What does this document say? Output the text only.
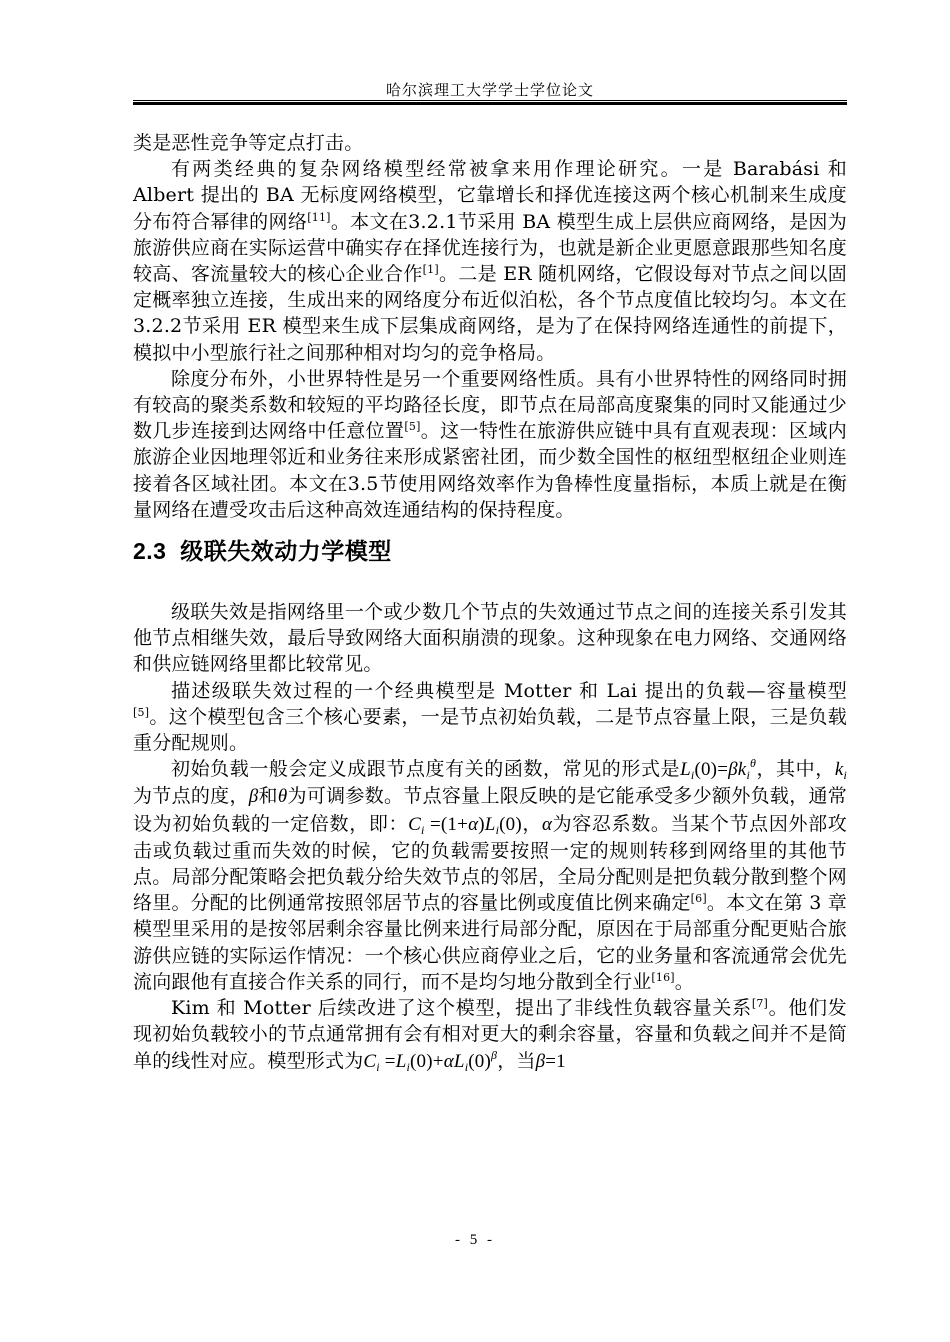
哈尔滨理工大学学士学位论文

类是恶性竞争等定点打击。

有两类经典的复杂网络模型经常被拿来用作理论研究。一是 Barabási 和 Albert 提出的 BA 无标度网络模型，它靠增长和择优连接这两个核心机制来生成度分布符合幂律的网络[11]。本文在3.2.1节采用 BA 模型生成上层供应商网络，是因为旅游供应商在实际运营中确实存在择优连接行为，也就是新企业更愿意跟那些知名度较高、客流量较大的核心企业合作[1]。二是 ER 随机网络，它假设每对节点之间以固定概率独立连接，生成出来的网络度分布近似泊松，各个节点度值比较均匀。本文在3.2.2节采用 ER 模型来生成下层集成商网络，是为了在保持网络连通性的前提下，模拟中小型旅行社之间那种相对均匀的竞争格局。

除度分布外，小世界特性是另一个重要网络性质。具有小世界特性的网络同时拥有较高的聚类系数和较短的平均路径长度，即节点在局部高度聚集的同时又能通过少数几步连接到达网络中任意位置[5]。这一特性在旅游供应链中具有直观表现：区域内旅游企业因地理邻近和业务往来形成紧密社团，而少数全国性的枢纽型枢纽企业则连接着各区域社团。本文在3.5节使用网络效率作为鲁棒性度量指标，本质上就是在衡量网络在遭受攻击后这种高效连通结构的保持程度。

2.3 级联失效动力学模型

级联失效是指网络里一个或少数几个节点的失效通过节点之间的连接关系引发其他节点相继失效，最后导致网络大面积崩溃的现象。这种现象在电力网络、交通网络和供应链网络里都比较常见。

描述级联失效过程的一个经典模型是 Motter 和 Lai 提出的负载—容量模型[5]。这个模型包含三个核心要素，一是节点初始负载，二是节点容量上限，三是负载重分配规则。

初始负载一般会定义成跟节点度有关的函数，常见的形式是$L_i(0)=\beta k_i^\theta$，其中，$k_i$为节点的度，β和θ为可调参数。节点容量上限反映的是它能承受多少额外负载，通常设为初始负载的一定倍数，即：$C_i =(1+\alpha)L_i(0)$，α为容忍系数。当某个节点因外部攻击或负载过重而失效的时候，它的负载需要按照一定的规则转移到网络里的其他节点。局部分配策略会把负载分给失效节点的邻居，全局分配则是把负载分散到整个网络里。分配的比例通常按照邻居节点的容量比例或度值比例来确定[6]。本文在第 3 章模型里采用的是按邻居剩余容量比例来进行局部分配，原因在于局部重分配更贴合旅游供应链的实际运作情况：一个核心供应商停业之后，它的业务量和客流通常会优先流向跟他有直接合作关系的同行，而不是均匀地分散到全行业[16]。

Kim 和 Motter 后续改进了这个模型，提出了非线性负载容量关系[7]。他们发现初始负载较小的节点通常拥有会有相对更大的剩余容量，容量和负载之间并不是简单的线性对应。模型形式为$C_i =L_i(0)+\alpha L_i(0)^\beta$，当β=1

- 5 -
